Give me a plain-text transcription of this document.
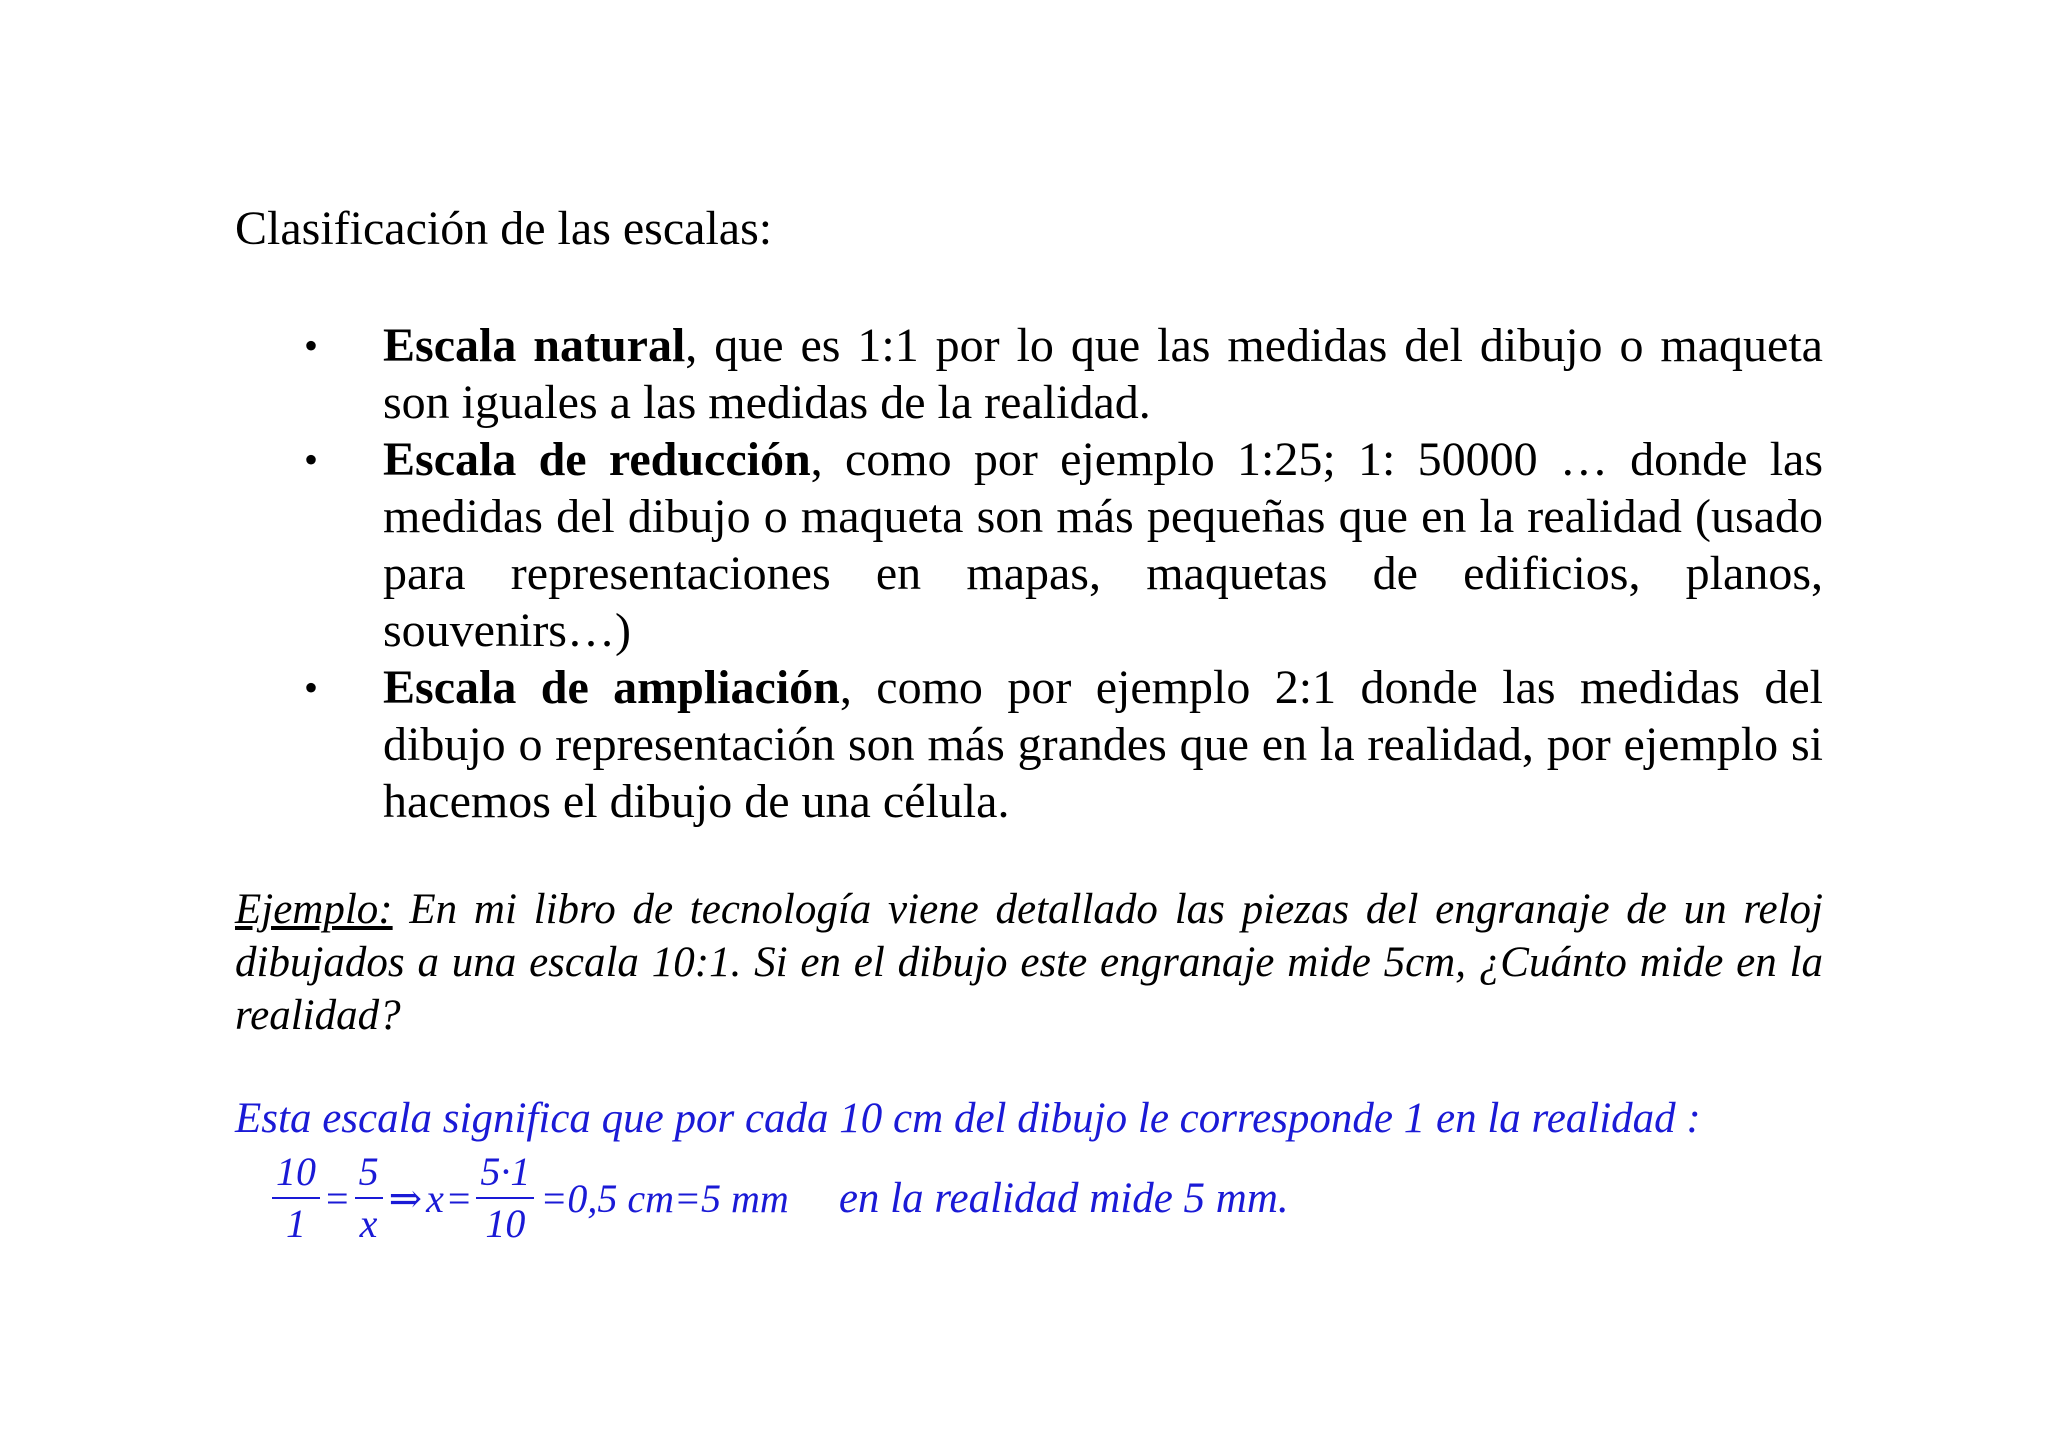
Clasificación de las escalas:
• Escala natural, que es 1:1 por lo que las medidas del dibujo o maqueta son iguales a las medidas de la realidad.
• Escala de reducción, como por ejemplo 1:25; 1: 50000 … donde las medidas del dibujo o maqueta son más pequeñas que en la realidad (usado para representaciones en mapas, maquetas de edificios, planos, souvenirs…)
• Escala de ampliación, como por ejemplo 2:1 donde las medidas del dibujo o representación son más grandes que en la realidad, por ejemplo si hacemos el dibujo de una célula.

Ejemplo: En mi libro de tecnología viene detallado las piezas del engranaje de un reloj dibujados a una escala 10:1. Si en el dibujo este engranaje mide 5cm, ¿Cuánto mide en la realidad?

Esta escala significa que por cada 10 cm del dibujo le corresponde 1 en la realidad :

$\frac{10}{1} = \frac{5}{x}$ ⇒ $x = \frac{5\cdot 1}{10} =0,5$ cm=5 mm en la realidad mide 5 mm.
